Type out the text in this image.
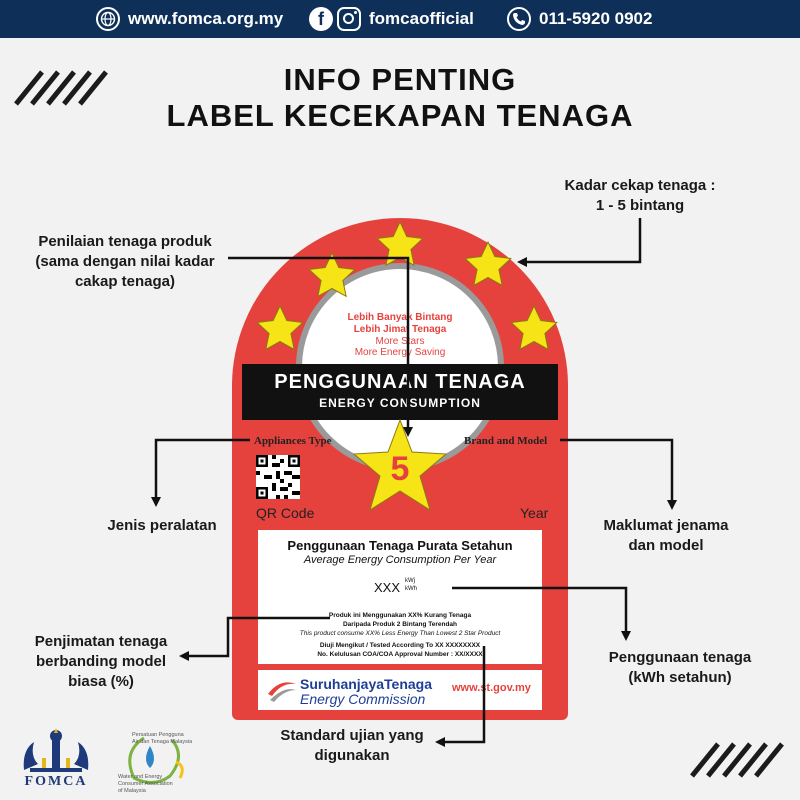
www.fomca.org.my	f	fomcaofficial	011-5920 0902
INFO PENTING
LABEL KECEKAPAN TENAGA
Lebih Banyak Bintang
Lebih Jimat Tenaga
More Stars
More Energy Saving
PENGGUNAAN TENAGA
ENERGY CONSUMPTION
Appliances Type	Brand and Model
5
QR Code	Year
Penggunaan Tenaga Purata Setahun
Average Energy Consumption Per Year
XXX kWj
kWh
Produk ini Menggunakan XX% Kurang Tenaga
Daripada Produk 2 Bintang Terendah
This product consume XX% Less Energy Than Lowest 2 Star Product
Diuji Mengikut / Tested According To XX XXXXXXXX
No. Kelulusan COA/COA Approval Number : XX/XXXX
SuruhanjayaTenaga
Energy Commission
www.st.gov.my
Kadar cekap tenaga :
1 - 5 bintang
Penilaian tenaga produk
(sama dengan nilai kadar
cakap tenaga)
Jenis peralatan	Maklumat jenama
dan model
Penjimatan tenaga
berbanding model
biasa (%)
Penggunaan tenaga
(kWh setahun)
Standard ujian yang
digunakan
FOMCA
Persatuan Pengguna
Air dan Tenaga Malaysia
Water and Energy
Consumer Association
of Malaysia
